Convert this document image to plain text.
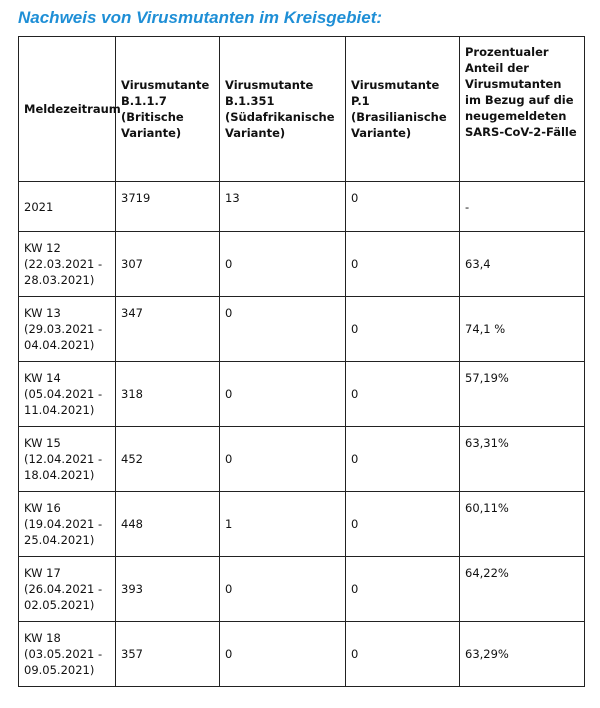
Nachweis von Virusmutanten im Kreisgebiet:
Meldezeitraum	Virusmutante B.1.1.7 (Britische Variante)	Virusmutante B.1.351 (Südafrikanische Variante)	Virusmutante P.1 (Brasilianische Variante)	Prozentualer Anteil der Virusmutanten im Bezug auf die neugemeldeten SARS-CoV-2-Fälle
2021	3719	13	0	-
KW 12 (22.03.2021 - 28.03.2021)	307	0	0	63,4
KW 13 (29.03.2021 - 04.04.2021)	347	0	0	74,1 %
KW 14 (05.04.2021 - 11.04.2021)	318	0	0	57,19%
KW 15 (12.04.2021 - 18.04.2021)	452	0	0	63,31%
KW 16 (19.04.2021 - 25.04.2021)	448	1	0	60,11%
KW 17 (26.04.2021 - 02.05.2021)	393	0	0	64,22%
KW 18 (03.05.2021 - 09.05.2021)	357	0	0	63,29%
